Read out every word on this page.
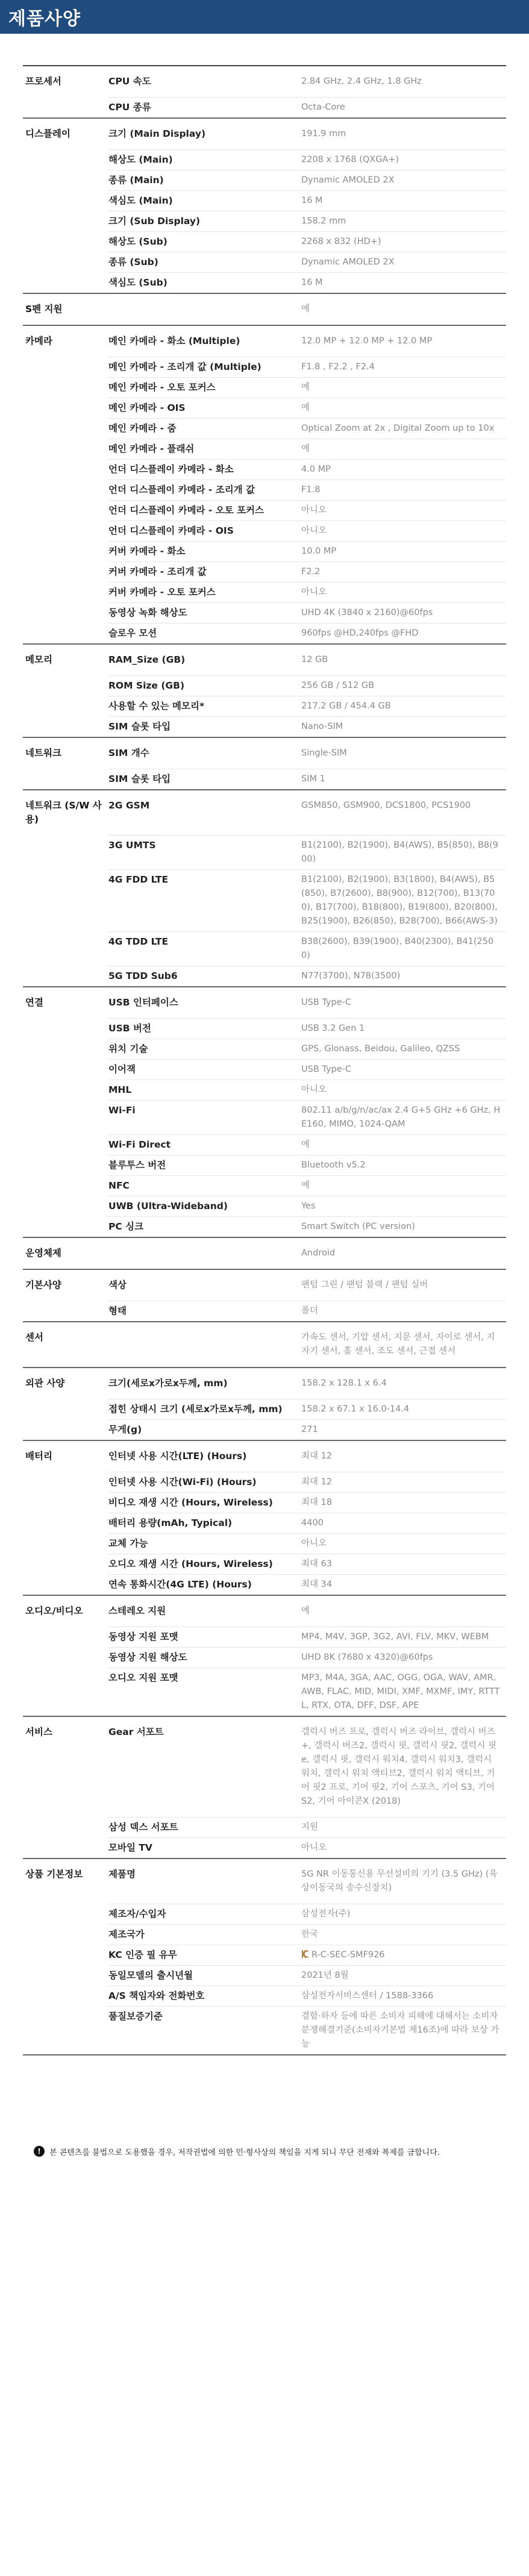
제품사양
프로세서	CPU 속도	2.84 GHz, 2.4 GHz, 1.8 GHz
	CPU 종류	Octa-Core
디스플레이	크기 (Main Display)	191.9 mm
	해상도 (Main)	2208 x 1768 (QXGA+)
	종류 (Main)	Dynamic AMOLED 2X
	색심도 (Main)	16 M
	크기 (Sub Display)	158.2 mm
	해상도 (Sub)	2268 x 832 (HD+)
	종류 (Sub)	Dynamic AMOLED 2X
	색심도 (Sub)	16 M
S펜 지원		예
카메라	메인 카메라 - 화소 (Multiple)	12.0 MP + 12.0 MP + 12.0 MP
	메인 카메라 - 조리개 값 (Multiple)	F1.8 , F2.2 , F2.4
	메인 카메라 - 오토 포커스	예
	메인 카메라 - OIS	예
	메인 카메라 - 줌	Optical Zoom at 2x , Digital Zoom up to 10x
	메인 카메라 - 플래쉬	예
	언더 디스플레이 카메라 - 화소	4.0 MP
	언더 디스플레이 카메라 - 조리개 값	F1.8
	언더 디스플레이 카메라 - 오토 포커스	아니오
	언더 디스플레이 카메라 - OIS	아니오
	커버 카메라 - 화소	10.0 MP
	커버 카메라 - 조리개 값	F2.2
	커버 카메라 - 오토 포커스	아니오
	동영상 녹화 해상도	UHD 4K (3840 x 2160)@60fps
	슬로우 모션	960fps @HD,240fps @FHD
메모리	RAM_Size (GB)	12 GB
	ROM Size (GB)	256 GB / 512 GB
	사용할 수 있는 메모리*	217.2 GB / 454.4 GB
	SIM 슬롯 타입	Nano-SIM
네트워크	SIM 개수	Single-SIM
	SIM 슬롯 타입	SIM 1
네트워크 (S/W 사용)	2G GSM	GSM850, GSM900, DCS1800, PCS1900
	3G UMTS	B1(2100), B2(1900), B4(AWS), B5(850), B8(900)
	4G FDD LTE	B1(2100), B2(1900), B3(1800), B4(AWS), B5(850), B7(2600), B8(900), B12(700), B13(700), B17(700), B18(800), B19(800), B20(800), B25(1900), B26(850), B28(700), B66(AWS-3)
	4G TDD LTE	B38(2600), B39(1900), B40(2300), B41(2500)
	5G TDD Sub6	N77(3700), N78(3500)
연결	USB 인터페이스	USB Type-C
	USB 버전	USB 3.2 Gen 1
	위치 기술	GPS, Glonass, Beidou, Galileo, QZSS
	이어잭	USB Type-C
	MHL	아니오
	Wi-Fi	802.11 a/b/g/n/ac/ax 2.4 G+5 GHz +6 GHz, HE160, MIMO, 1024-QAM
	Wi-Fi Direct	예
	블루투스 버전	Bluetooth v5.2
	NFC	예
	UWB (Ultra-Wideband)	Yes
	PC 싱크	Smart Switch (PC version)
운영체제		Android
기본사양	색상	팬텀 그린 / 팬텀 블랙 / 팬텀 실버
	형태	폴더
센서		가속도 센서, 기압 센서, 지문 센서, 자이로 센서, 지자기 센서, 홀 센서, 조도 센서, 근접 센서
외관 사양	크기(세로x가로x두께, mm)	158.2 x 128.1 x 6.4
	접힌 상태시 크기 (세로x가로x두께, mm)	158.2 x 67.1 x 16.0-14.4
	무게(g)	271
배터리	인터넷 사용 시간(LTE) (Hours)	최대 12
	인터넷 사용 시간(Wi-Fi) (Hours)	최대 12
	비디오 재생 시간 (Hours, Wireless)	최대 18
	배터리 용량(mAh, Typical)	4400
	교체 가능	아니오
	오디오 재생 시간 (Hours, Wireless)	최대 63
	연속 통화시간(4G LTE) (Hours)	최대 34
오디오/비디오	스테레오 지원	예
	동영상 지원 포맷	MP4, M4V, 3GP, 3G2, AVI, FLV, MKV, WEBM
	동영상 지원 해상도	UHD 8K (7680 x 4320)@60fps
	오디오 지원 포맷	MP3, M4A, 3GA, AAC, OGG, OGA, WAV, AMR, AWB, FLAC, MID, MIDI, XMF, MXMF, IMY, RTTTL, RTX, OTA, DFF, DSF, APE
서비스	Gear 서포트	갤럭시 버즈 프로, 갤럭시 버즈 라이브, 갤럭시 버즈+, 갤럭시 버즈2, 갤럭시 핏, 갤럭시 핏2, 갤럭시 핏 e, 갤럭시 핏, 갤럭시 워치4, 갤럭시 워치3, 갤럭시 워치, 갤럭시 워치 액티브2, 갤럭시 워치 액티브, 기어 핏2 프로, 기어 핏2, 기어 스포츠, 기어 S3, 기어 S2, 기어 아이콘X (2018)
	삼성 덱스 서포트	지원
	모바일 TV	아니오
상품 기본정보	제품명	5G NR 이동통신용 무선설비의 기기 (3.5 GHz) (육상이동국의 송수신장치)
	제조자/수입자	삼성전자(주)
	제조국가	한국
	KC 인증 필 유무	R-C-SEC-SMF926
	동일모델의 출시년월	2021년 8월
	A/S 책임자와 전화번호	삼성전자서비스센터 / 1588-3366
	품질보증기준	결함·하자 등에 따른 소비자 피해에 대해서는 소비자분쟁해결기준(소비자기본법 제16조)에 따라 보상 가능
!	본 콘텐츠를 불법으로 도용했을 경우, 저작권법에 의한 민·형사상의 책임을 지게 되니 무단 전재와 복제를 금합니다.
